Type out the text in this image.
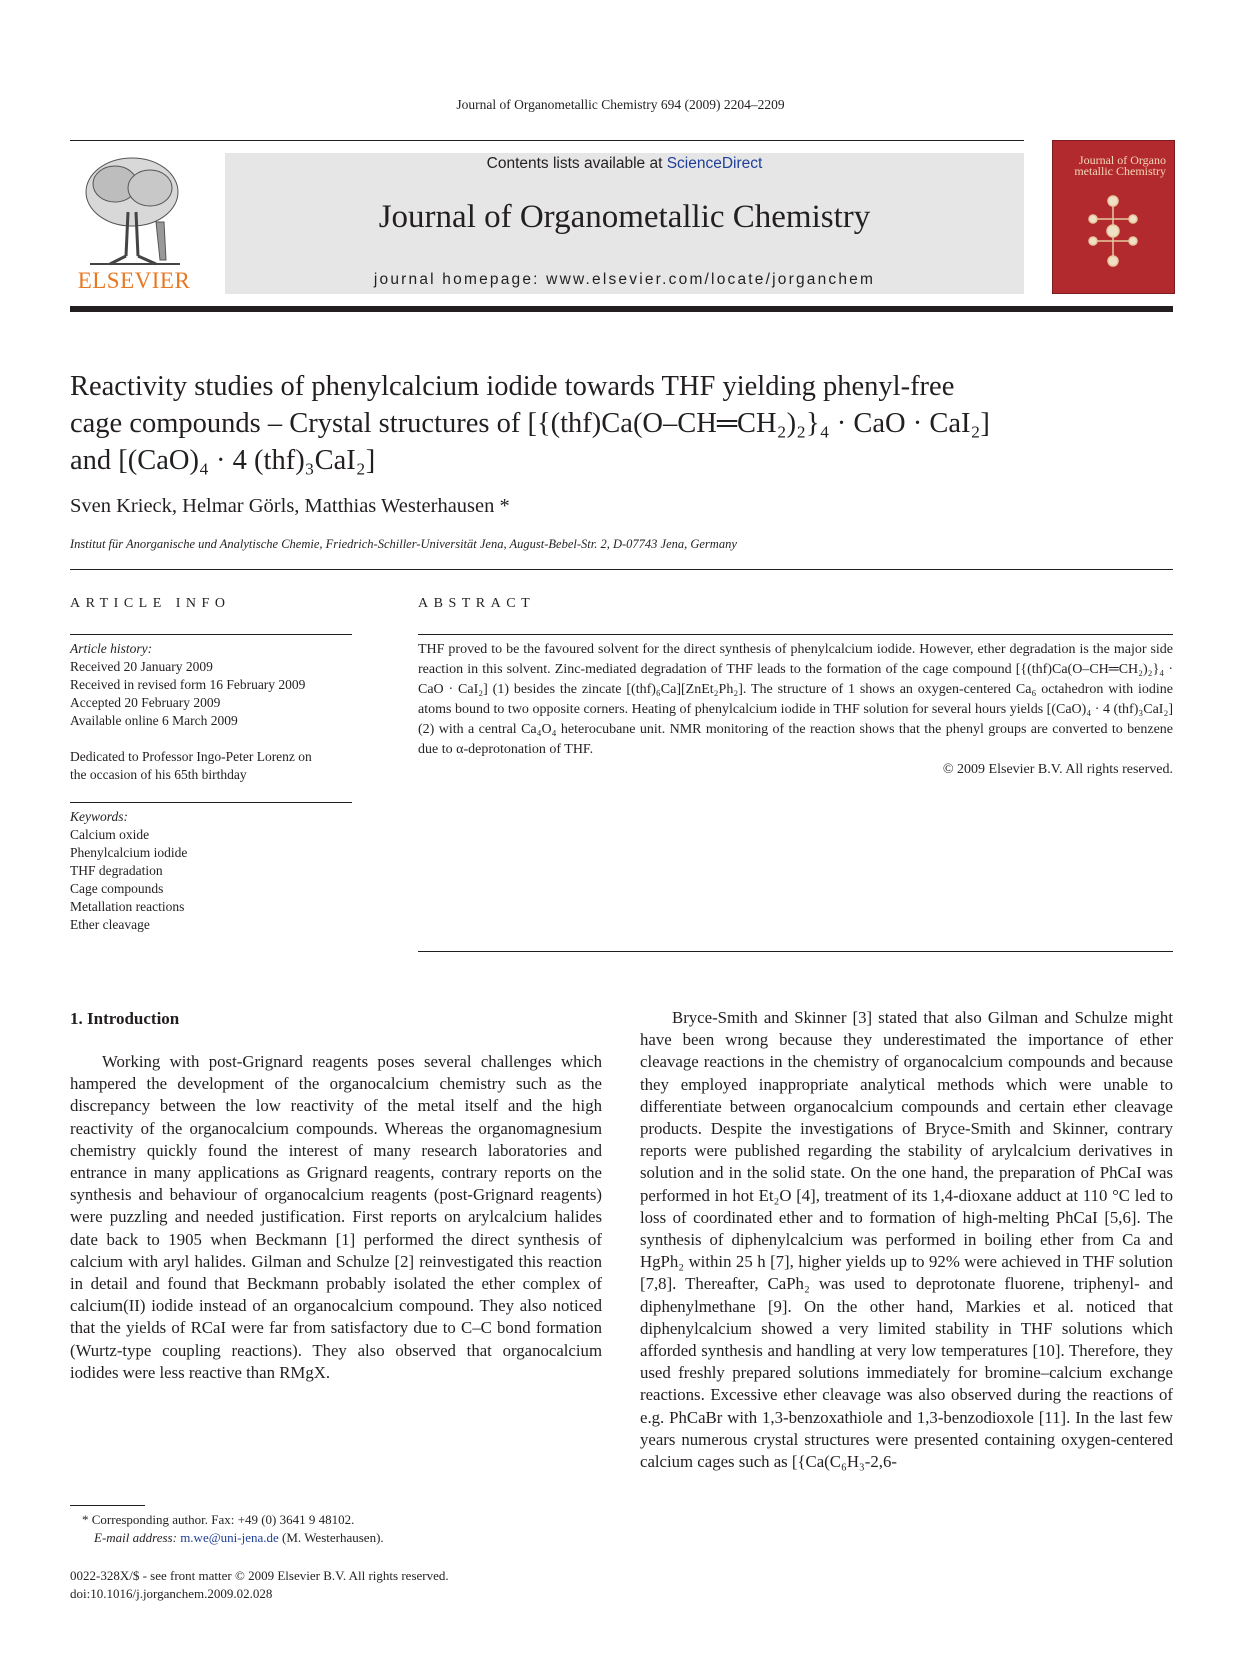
Journal of Organometallic Chemistry 694 (2009) 2204–2209
ELSEVIER
Contents lists available at ScienceDirect
Journal of Organometallic Chemistry
journal homepage: www.elsevier.com/locate/jorganchem
Journal of Organo metallic Chemistry
Reactivity studies of phenylcalcium iodide towards THF yielding phenyl-free
cage compounds – Crystal structures of [{(thf)Ca(O–CH═CH₂)₂}₄ · CaO · CaI₂]
and [(CaO)₄ · 4 (thf)₃CaI₂]
Sven Krieck, Helmar Görls, Matthias Westerhausen *
Institut für Anorganische und Analytische Chemie, Friedrich-Schiller-Universität Jena, August-Bebel-Str. 2, D-07743 Jena, Germany
ARTICLE INFO
Article history:
Received 20 January 2009
Received in revised form 16 February 2009
Accepted 20 February 2009
Available online 6 March 2009
Dedicated to Professor Ingo-Peter Lorenz on
the occasion of his 65th birthday
Keywords:
Calcium oxide
Phenylcalcium iodide
THF degradation
Cage compounds
Metallation reactions
Ether cleavage
ABSTRACT
THF proved to be the favoured solvent for the direct synthesis of phenylcalcium iodide. However, ether degradation is the major side reaction in this solvent. Zinc-mediated degradation of THF leads to the formation of the cage compound [{(thf)Ca(O–CH═CH₂)₂}₄ · CaO · CaI₂] (1) besides the zincate [(thf)₆Ca][ZnEt₂Ph₂]. The structure of 1 shows an oxygen-centered Ca₆ octahedron with iodine atoms bound to two opposite corners. Heating of phenylcalcium iodide in THF solution for several hours yields [(CaO)₄ · 4 (thf)₃CaI₂] (2) with a central Ca₄O₄ heterocubane unit. NMR monitoring of the reaction shows that the phenyl groups are converted to benzene due to α-deprotonation of THF.
© 2009 Elsevier B.V. All rights reserved.
1. Introduction

Working with post-Grignard reagents poses several challenges which hampered the development of the organocalcium chemistry such as the discrepancy between the low reactivity of the metal itself and the high reactivity of the organocalcium compounds. Whereas the organomagnesium chemistry quickly found the interest of many research laboratories and entrance in many applications as Grignard reagents, contrary reports on the synthesis and behaviour of organocalcium reagents (post-Grignard reagents) were puzzling and needed justification. First reports on arylcalcium halides date back to 1905 when Beckmann [1] performed the direct synthesis of calcium with aryl halides. Gilman and Schulze [2] reinvestigated this reaction in detail and found that Beckmann probably isolated the ether complex of calcium(II) iodide instead of an organocalcium compound. They also noticed that the yields of RCaI were far from satisfactory due to C–C bond formation (Wurtz-type coupling reactions). They also observed that organocalcium iodides were less reactive than RMgX.

Bryce-Smith and Skinner [3] stated that also Gilman and Schulze might have been wrong because they underestimated the importance of ether cleavage reactions in the chemistry of organocalcium compounds and because they employed inappropriate analytical methods which were unable to differentiate between organocalcium compounds and certain ether cleavage products. Despite the investigations of Bryce-Smith and Skinner, contrary reports were published regarding the stability of arylcalcium derivatives in solution and in the solid state. On the one hand, the preparation of PhCaI was performed in hot Et₂O [4], treatment of its 1,4-dioxane adduct at 110 °C led to loss of coordinated ether and to formation of high-melting PhCaI [5,6]. The synthesis of diphenylcalcium was performed in boiling ether from Ca and HgPh₂ within 25 h [7], higher yields up to 92% were achieved in THF solution [7,8]. Thereafter, CaPh₂ was used to deprotonate fluorene, triphenyl- and diphenylmethane [9]. On the other hand, Markies et al. noticed that diphenylcalcium showed a very limited stability in THF solutions which afforded synthesis and handling at very low temperatures [10]. Therefore, they used freshly prepared solutions immediately for bromine–calcium exchange reactions. Excessive ether cleavage was also observed during the reactions of e.g. PhCaBr with 1,3-benzoxathiole and 1,3-benzodioxole [11]. In the last few years numerous crystal structures were presented containing oxygen-centered calcium cages such as [{Ca(C₆H₃-2,6-

* Corresponding author. Fax: +49 (0) 3641 9 48102.
E-mail address: m.we@uni-jena.de (M. Westerhausen).
0022-328X/$ - see front matter © 2009 Elsevier B.V. All rights reserved.
doi:10.1016/j.jorganchem.2009.02.028
